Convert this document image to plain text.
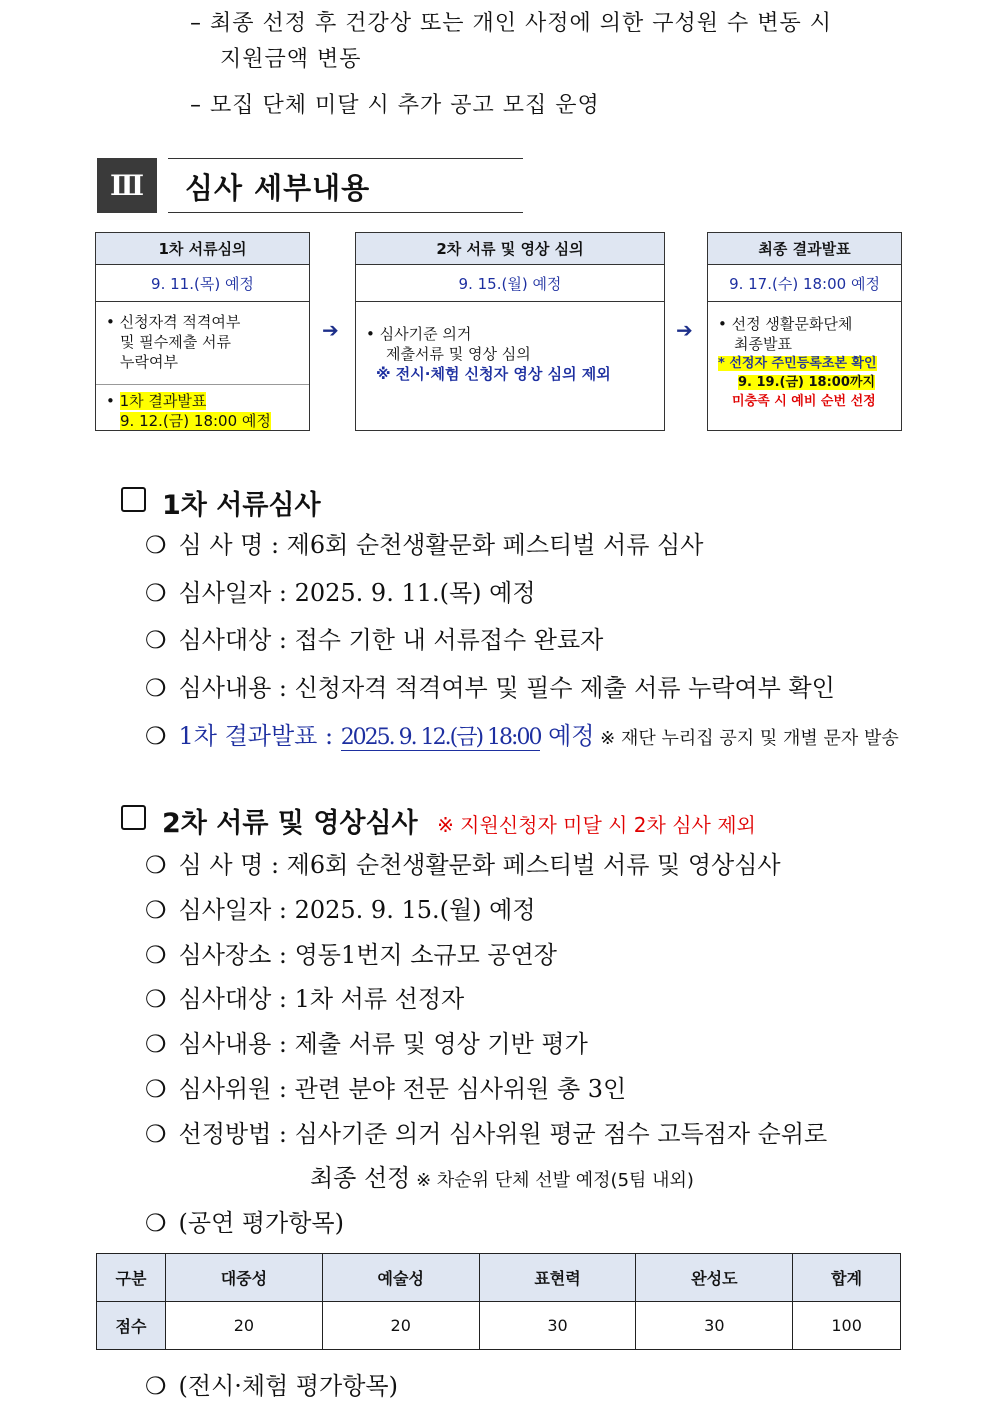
– 최종 선정 후 건강상 또는 개인 사정에 의한 구성원 수 변동 시
지원금액 변동
– 모집 단체 미달 시 추가 공고 모집 운영
Ⅲ	심사 세부내용
1차 서류심의
9. 11.(목) 예정
• 신청자격 적격여부
및 필수제출 서류
누락여부
• 1차 결과발표
9. 12.(금) 18:00 예정
➔
2차 서류 및 영상 심의
9. 15.(월) 예정
• 심사기준 의거
제출서류 및 영상 심의
※ 전시·체험 신청자 영상 심의 제외
➔
최종 결과발표
9. 17.(수) 18:00 예정
• 선정 생활문화단체
최종발표
* 선정자 주민등록초본 확인
9. 19.(금) 18:00까지
미충족 시 예비 순번 선정
1차 서류심사
❍ 심 사 명 : 제6회 순천생활문화 페스티벌 서류 심사
❍ 심사일자 : 2025. 9. 11.(목) 예정
❍ 심사대상 : 접수 기한 내 서류접수 완료자
❍ 심사내용 : 신청자격 적격여부 및 필수 제출 서류 누락여부 확인
❍ 1차 결과발표 : 2025. 9. 12.(금) 18:00 예정 ※ 재단 누리집 공지 및 개별 문자 발송
2차 서류 및 영상심사 ※ 지원신청자 미달 시 2차 심사 제외
❍ 심 사 명 : 제6회 순천생활문화 페스티벌 서류 및 영상심사
❍ 심사일자 : 2025. 9. 15.(월) 예정
❍ 심사장소 : 영동1번지 소규모 공연장
❍ 심사대상 : 1차 서류 선정자
❍ 심사내용 : 제출 서류 및 영상 기반 평가
❍ 심사위원 : 관련 분야 전문 심사위원 총 3인
❍ 선정방법 : 심사기준 의거 심사위원 평균 점수 고득점자 순위로
최종 선정 ※ 차순위 단체 선발 예정(5팀 내외)
❍ (공연 평가항목)
구분	대중성	예술성	표현력	완성도	합계
점수	20	20	30	30	100
❍ (전시·체험 평가항목)
